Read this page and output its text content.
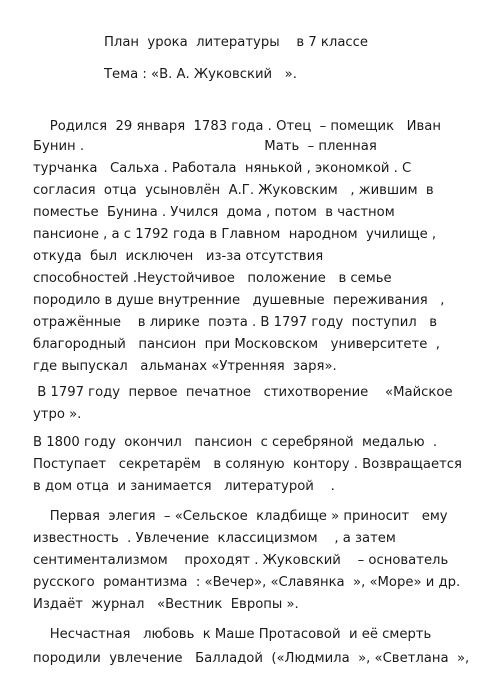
План  урока  литературы    в 7 классе

Тема : «В. А. Жуковский   ».

Родился  29 января  1783 года . Отец  – помещик   Иван

Бунин .                                           Мать  – пленная

турчанка   Сальха . Работала  нянькой , экономкой . С

согласия  отца  усыновлён  А.Г. Жуковским   , жившим  в

поместье  Бунина . Учился  дома , потом  в частном

пансионе , а с 1792 года в Главном  народном  училище ,

откуда  был  исключен   из-за отсутствия

способностей .Неустойчивое   положение   в семье

породило в душе внутренние   душевные  переживания   ,

отражённые    в лирике  поэта . В 1797 году  поступил   в

благородный   пансион  при Московском   университете  ,

где выпускал   альманах «Утренняя  заря».

В 1797 году  первое  печатное   стихотворение    «Майское

утро ».

В 1800 году  окончил   пансион  с серебряной  медалью  .

Поступает   секретарём   в соляную  контору . Возвращается

в дом отца  и занимается   литературой    .

Первая  элегия  – «Сельское  кладбище » приносит   ему

известность  . Увлечение  классицизмом    , а затем

сентиментализмом    проходят . Жуковский    – основатель

русского  романтизма  : «Вечер», «Славянка  », «Море» и др.

Издаёт  журнал   «Вестник  Европы ».

Несчастная   любовь  к Маше Протасовой  и её смерть

породили  увлечение   Балладой  («Людмила  », «Светлана  »,
